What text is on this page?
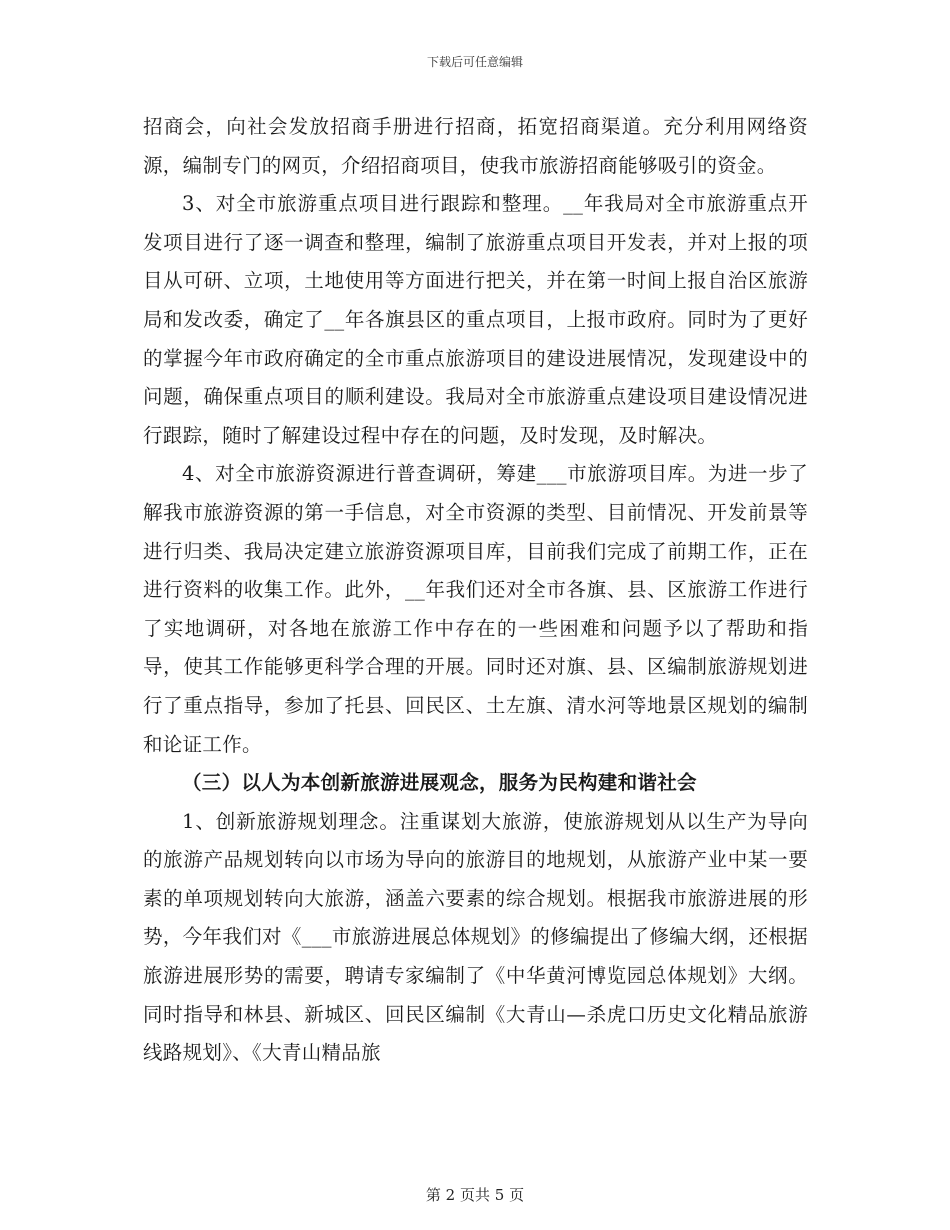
下载后可任意编辑

招商会，向社会发放招商手册进行招商，拓宽招商渠道。充分利用网络资源，编制专门的网页，介绍招商项目，使我市旅游招商能够吸引的资金。

3、对全市旅游重点项目进行跟踪和整理。__年我局对全市旅游重点开发项目进行了逐一调查和整理，编制了旅游重点项目开发表，并对上报的项目从可研、立项，土地使用等方面进行把关，并在第一时间上报自治区旅游局和发改委，确定了__年各旗县区的重点项目，上报市政府。同时为了更好的掌握今年市政府确定的全市重点旅游项目的建设进展情况，发现建设中的问题，确保重点项目的顺利建设。我局对全市旅游重点建设项目建设情况进行跟踪，随时了解建设过程中存在的问题，及时发现，及时解决。

4、对全市旅游资源进行普查调研，筹建___市旅游项目库。为进一步了解我市旅游资源的第一手信息，对全市资源的类型、目前情况、开发前景等进行归类、我局决定建立旅游资源项目库，目前我们完成了前期工作，正在进行资料的收集工作。此外，__年我们还对全市各旗、县、区旅游工作进行了实地调研，对各地在旅游工作中存在的一些困难和问题予以了帮助和指导，使其工作能够更科学合理的开展。同时还对旗、县、区编制旅游规划进行了重点指导，参加了托县、回民区、土左旗、清水河等地景区规划的编制和论证工作。

（三）以人为本创新旅游进展观念，服务为民构建和谐社会

1、创新旅游规划理念。注重谋划大旅游，使旅游规划从以生产为导向的旅游产品规划转向以市场为导向的旅游目的地规划，从旅游产业中某一要素的单项规划转向大旅游，涵盖六要素的综合规划。根据我市旅游进展的形势，今年我们对《___市旅游进展总体规划》的修编提出了修编大纲，还根据旅游进展形势的需要，聘请专家编制了《中华黄河博览园总体规划》大纲。同时指导和林县、新城区、回民区编制《大青山—杀虎口历史文化精品旅游线路规划》、《大青山精品旅

第 2 页共 5 页
